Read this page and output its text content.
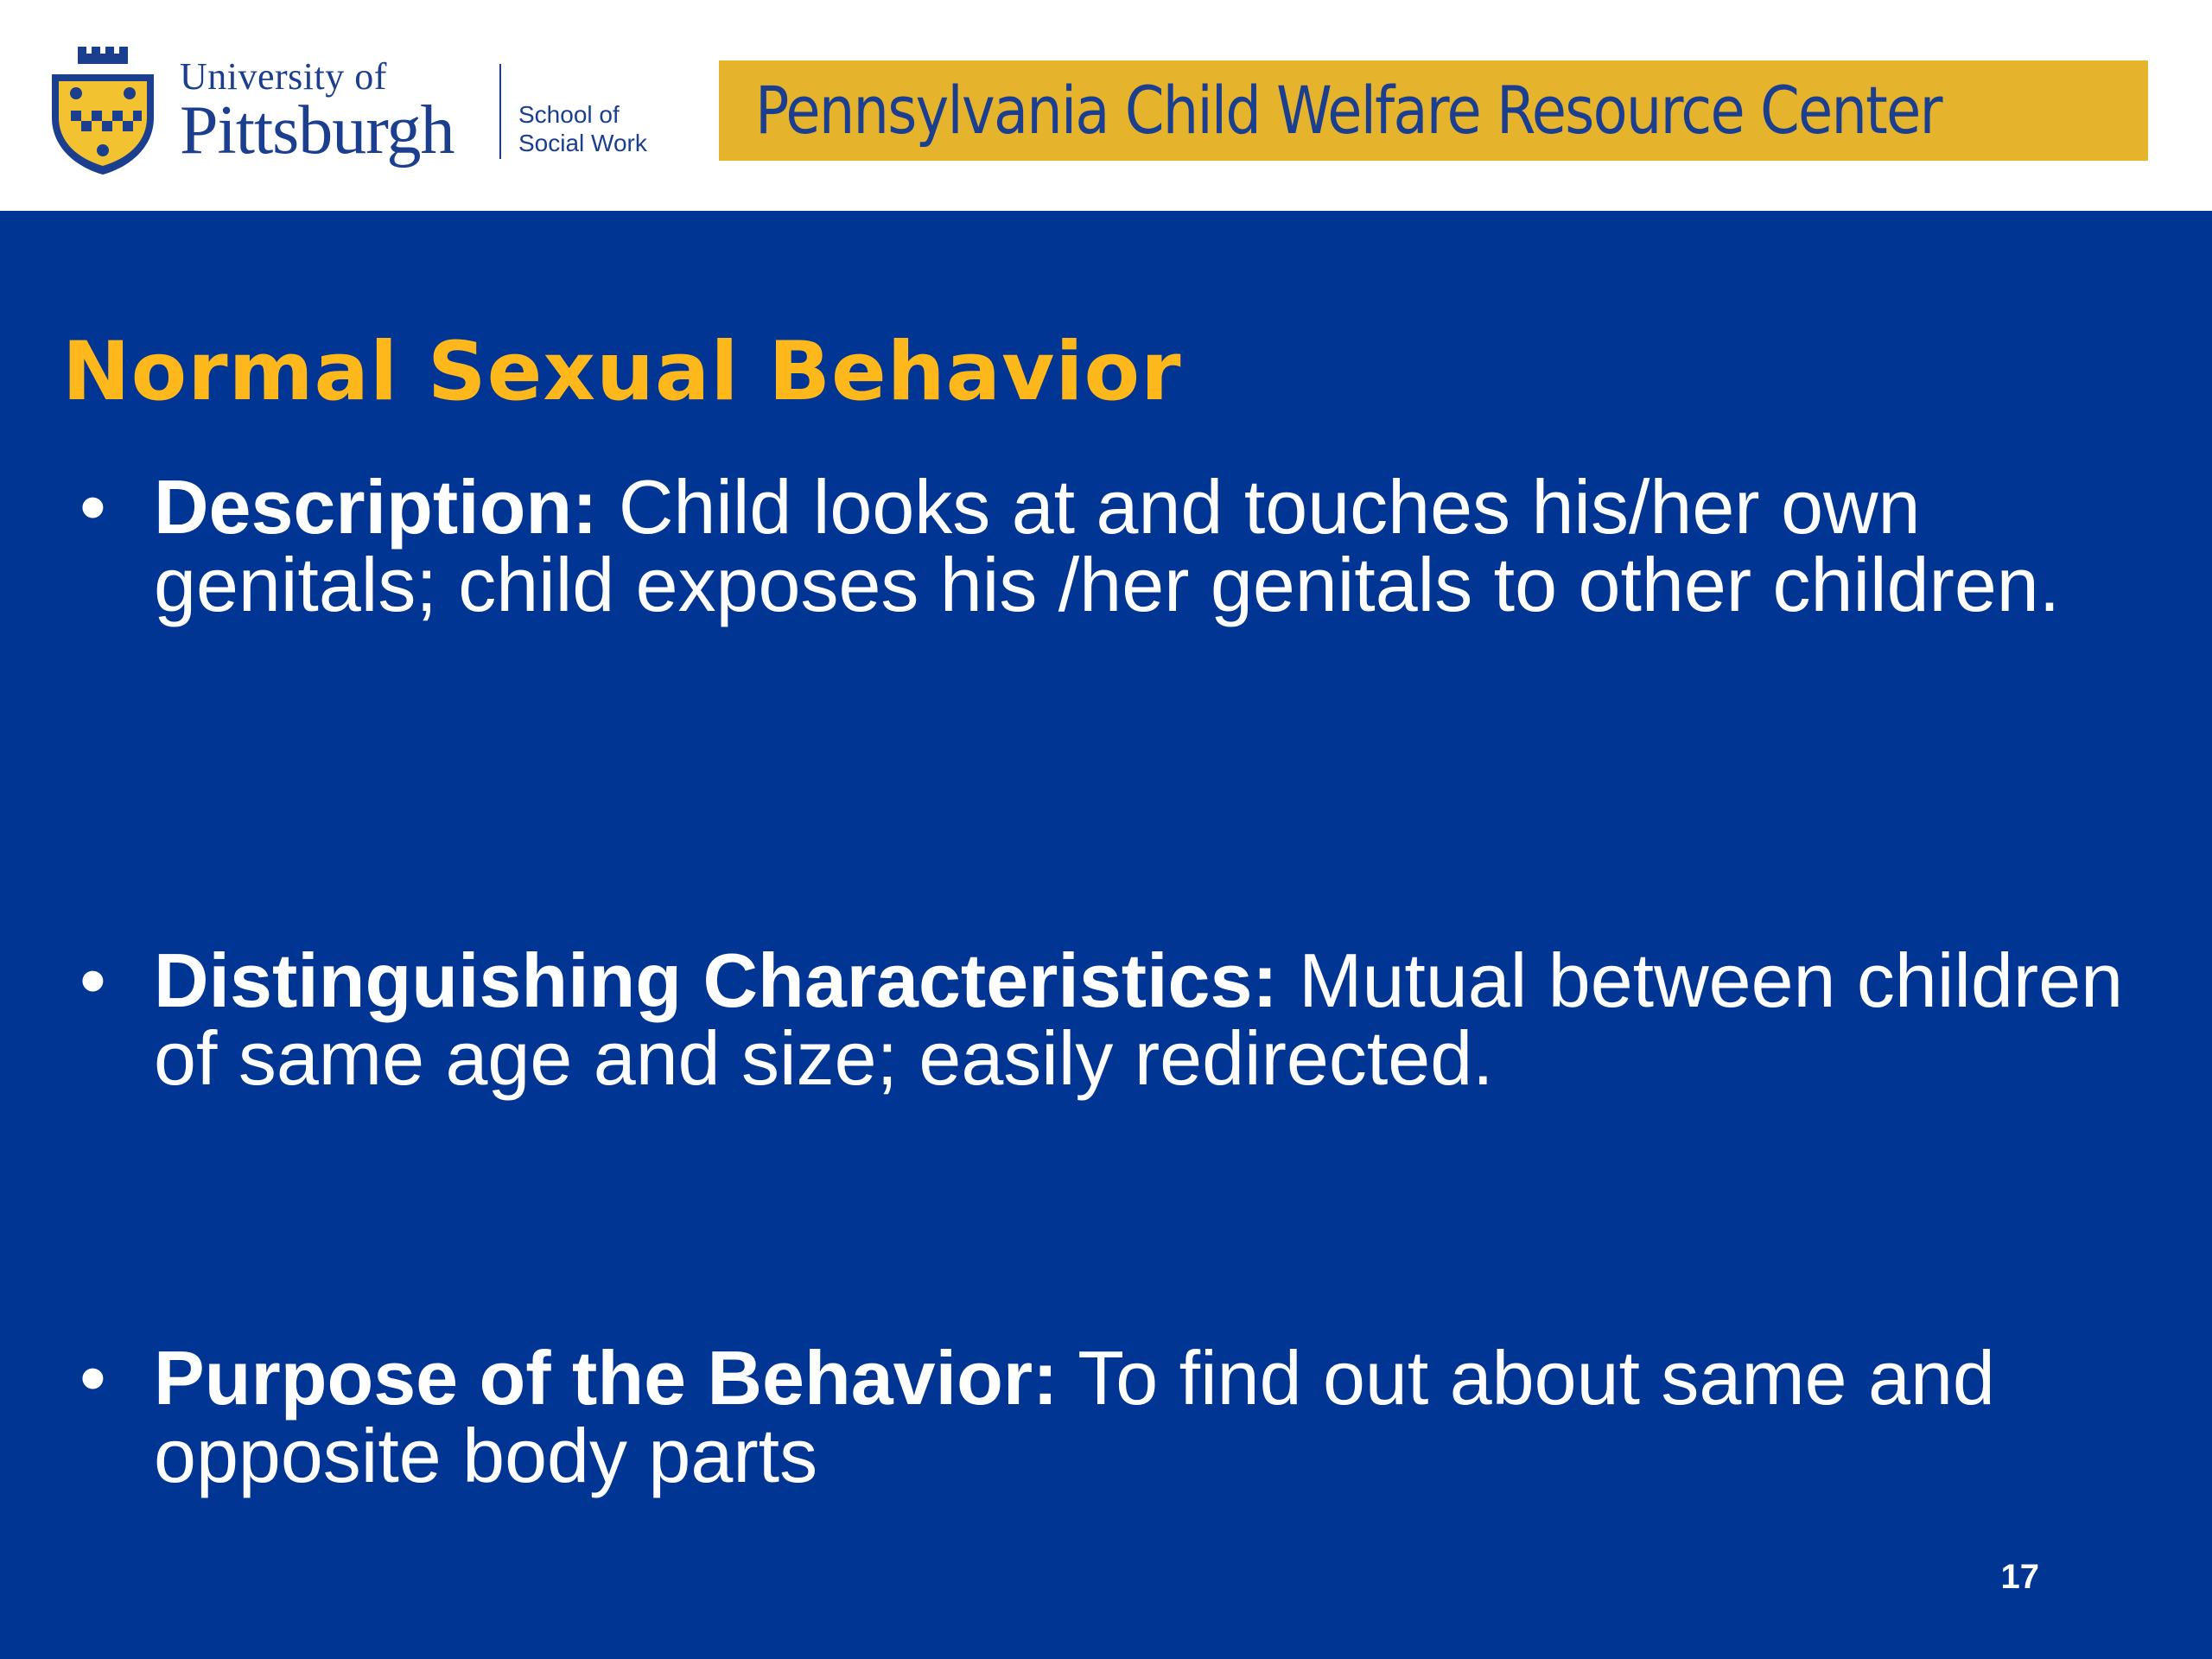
University of
Pittsburgh	School of
Social Work Pennsylvania Child Welfare Resource Center
Normal Sexual Behavior
• Description: Child looks at and touches his/her own genitals; child exposes his /her genitals to other children.
• Distinguishing Characteristics: Mutual between children of same age and size; easily redirected.
• Purpose of the Behavior: To find out about same and opposite body parts
17
